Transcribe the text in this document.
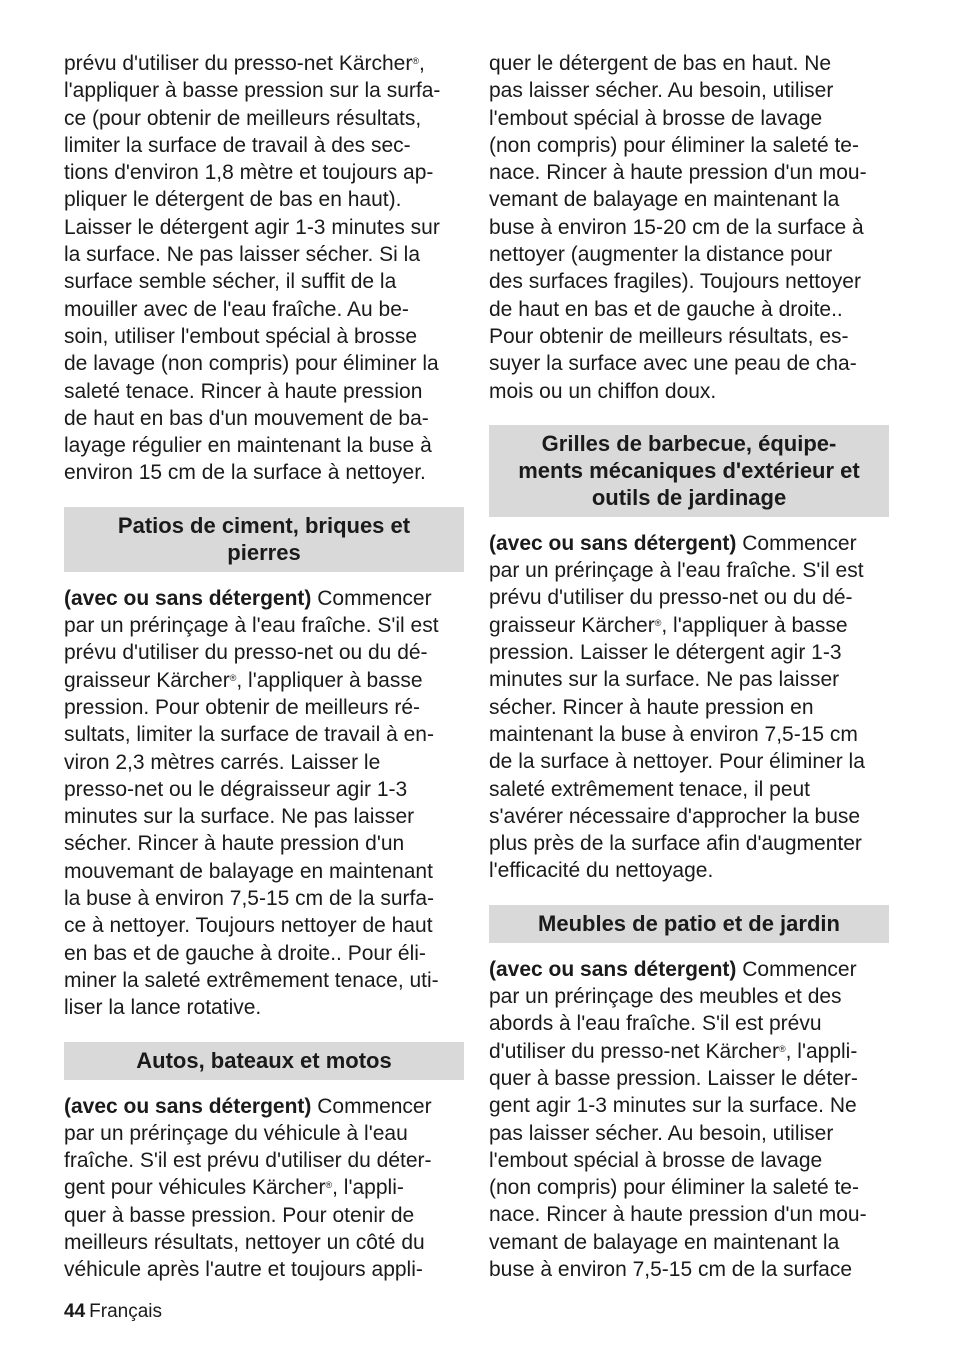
prévu d'utiliser du presso-net Kärcher®,
l'appliquer à basse pression sur la surfa-
ce (pour obtenir de meilleurs résultats,
limiter la surface de travail à des sec-
tions d'environ 1,8 mètre et toujours ap-
pliquer le détergent de bas en haut).
Laisser le détergent agir 1-3 minutes sur
la surface. Ne pas laisser sécher. Si la
surface semble sécher, il suffit de la
mouiller avec de l'eau fraîche. Au be-
soin, utiliser l'embout spécial à brosse
de lavage (non compris) pour éliminer la
saleté tenace. Rincer à haute pression
de haut en bas d'un mouvement de ba-
layage régulier en maintenant la buse à
environ 15 cm de la surface à nettoyer.

Patios de ciment, briques et
pierres

(avec ou sans détergent) Commencer
par un prérinçage à l'eau fraîche. S'il est
prévu d'utiliser du presso-net ou du dé-
graisseur Kärcher®, l'appliquer à basse
pression. Pour obtenir de meilleurs ré-
sultats, limiter la surface de travail à en-
viron 2,3 mètres carrés. Laisser le
presso-net ou le dégraisseur agir 1-3
minutes sur la surface. Ne pas laisser
sécher. Rincer à haute pression d'un
mouvemant de balayage en maintenant
la buse à environ 7,5-15 cm de la surfa-
ce à nettoyer. Toujours nettoyer de haut
en bas et de gauche à droite.. Pour éli-
miner la saleté extrêmement tenace, uti-
liser la lance rotative.

Autos, bateaux et motos

(avec ou sans détergent) Commencer
par un prérinçage du véhicule à l'eau
fraîche. S'il est prévu d'utiliser du déter-
gent pour véhicules Kärcher®, l'appli-
quer à basse pression. Pour otenir de
meilleurs résultats, nettoyer un côté du
véhicule après l'autre et toujours appli-

quer le détergent de bas en haut. Ne
pas laisser sécher. Au besoin, utiliser
l'embout spécial à brosse de lavage
(non compris) pour éliminer la saleté te-
nace. Rincer à haute pression d'un mou-
vemant de balayage en maintenant la
buse à environ 15-20 cm de la surface à
nettoyer (augmenter la distance pour
des surfaces fragiles). Toujours nettoyer
de haut en bas et de gauche à droite..
Pour obtenir de meilleurs résultats, es-
suyer la surface avec une peau de cha-
mois ou un chiffon doux.

Grilles de barbecue, équipe-
ments mécaniques d'extérieur et
outils de jardinage

(avec ou sans détergent) Commencer
par un prérinçage à l'eau fraîche. S'il est
prévu d'utiliser du presso-net ou du dé-
graisseur Kärcher®, l'appliquer à basse
pression. Laisser le détergent agir 1-3
minutes sur la surface. Ne pas laisser
sécher. Rincer à haute pression en
maintenant la buse à environ 7,5-15 cm
de la surface à nettoyer. Pour éliminer la
saleté extrêmement tenace, il peut
s'avérer nécessaire d'approcher la buse
plus près de la surface afin d'augmenter
l'efficacité du nettoyage.

Meubles de patio et de jardin

(avec ou sans détergent) Commencer
par un prérinçage des meubles et des
abords à l'eau fraîche. S'il est prévu
d'utiliser du presso-net Kärcher®, l'appli-
quer à basse pression. Laisser le déter-
gent agir 1-3 minutes sur la surface. Ne
pas laisser sécher. Au besoin, utiliser
l'embout spécial à brosse de lavage
(non compris) pour éliminer la saleté te-
nace. Rincer à haute pression d'un mou-
vemant de balayage en maintenant la
buse à environ 7,5-15 cm de la surface

44 Français
